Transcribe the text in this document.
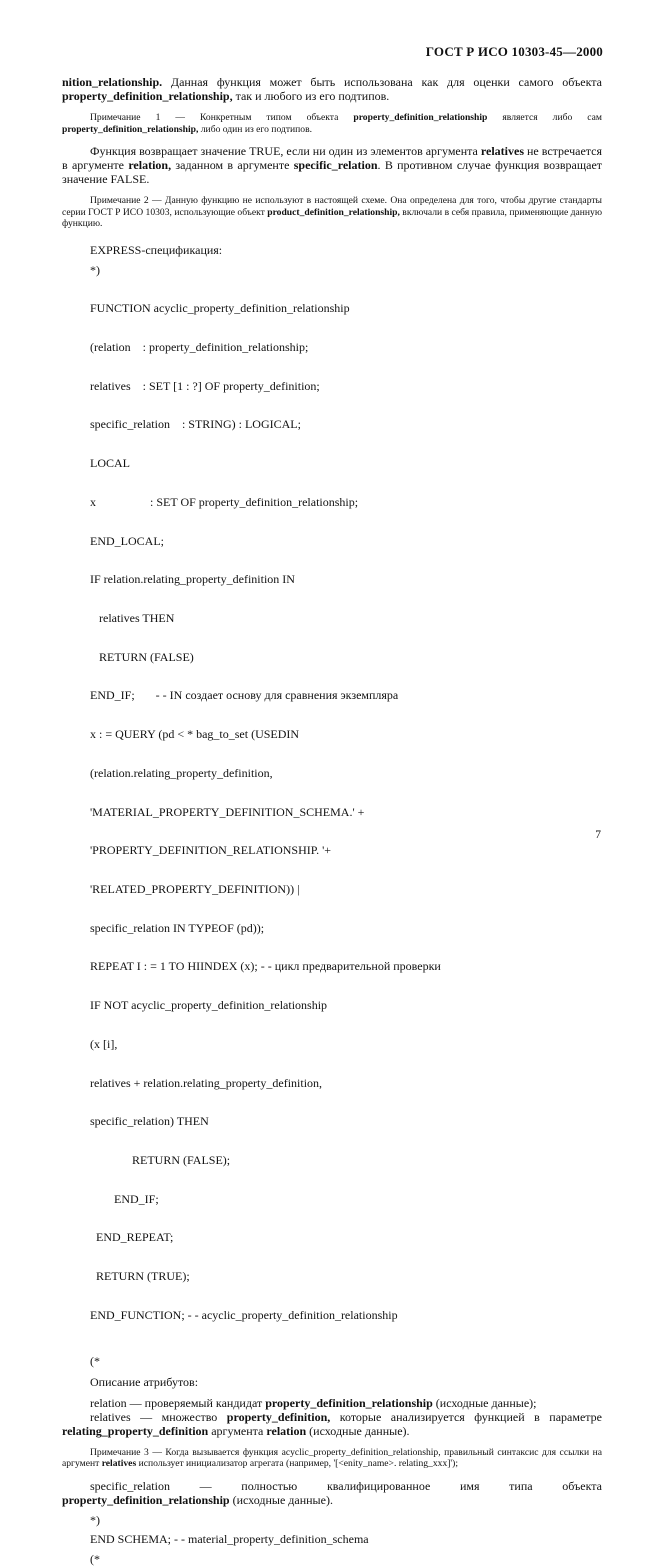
ГОСТ Р ИСО 10303-45—2000

nition_relationship. Данная функция может быть использована как для оценки самого объекта property_definition_relationship, так и любого из его подтипов.

Примечание 1 — Конкретным типом объекта property_definition_relationship является либо сам property_definition_relationship, либо один из его подтипов.

Функция возвращает значение TRUE, если ни один из элементов аргумента relatives не встречается в аргументе relation, заданном в аргументе specific_relation. В противном случае функция возвращает значение FALSE.

Примечание 2 — Данную функцию не используют в настоящей схеме. Она определена для того, чтобы другие стандарты серии ГОСТ Р ИСО 10303, использующие объект product_definition_relationship, включали в себя правила, применяющие данную функцию.

EXPRESS-спецификация:

*)

FUNCTION acyclic_property_definition_relationship

(relation    : property_definition_relationship;

relatives    : SET [1 : ?] OF property_definition;

specific_relation    : STRING) : LOGICAL;

LOCAL

x                  : SET OF property_definition_relationship;

END_LOCAL;

IF relation.relating_property_definition IN

relatives THEN

RETURN (FALSE)

END_IF;       - - IN создает основу для сравнения экземпляра

x : = QUERY (pd < * bag_to_set (USEDIN

(relation.relating_property_definition,

'MATERIAL_PROPERTY_DEFINITION_SCHEMA.' +

'PROPERTY_DEFINITION_RELATIONSHIP. '+

'RELATED_PROPERTY_DEFINITION)) |

specific_relation IN TYPEOF (pd));

REPEAT I : = 1 TO HIINDEX (x); - - цикл предварительной проверки

IF NOT acyclic_property_definition_relationship

(x [i],

relatives + relation.relating_property_definition,

specific_relation) THEN

RETURN (FALSE);

END_IF;

END_REPEAT;

RETURN (TRUE);

END_FUNCTION; - - acyclic_property_definition_relationship

(*

Описание атрибутов:

relation — проверяемый кандидат property_definition_relationship (исходные данные);

relatives — множество property_definition, которые анализируется функцией в параметре relating_property_definition аргумента relation (исходные данные).

Примечание 3 — Когда вызывается функция acyclic_property_definition_relationship, правильный синтаксис для ссылки на аргумент relatives использует инициализатор агрегата (например, '[<enity_name>. relating_xxx]');

specific_relation — полностью квалифицированное имя типа объекта property_definition_relationship (исходные данные).

*)
END SCHEMA; - - material_property_definition_schema
(*
7
